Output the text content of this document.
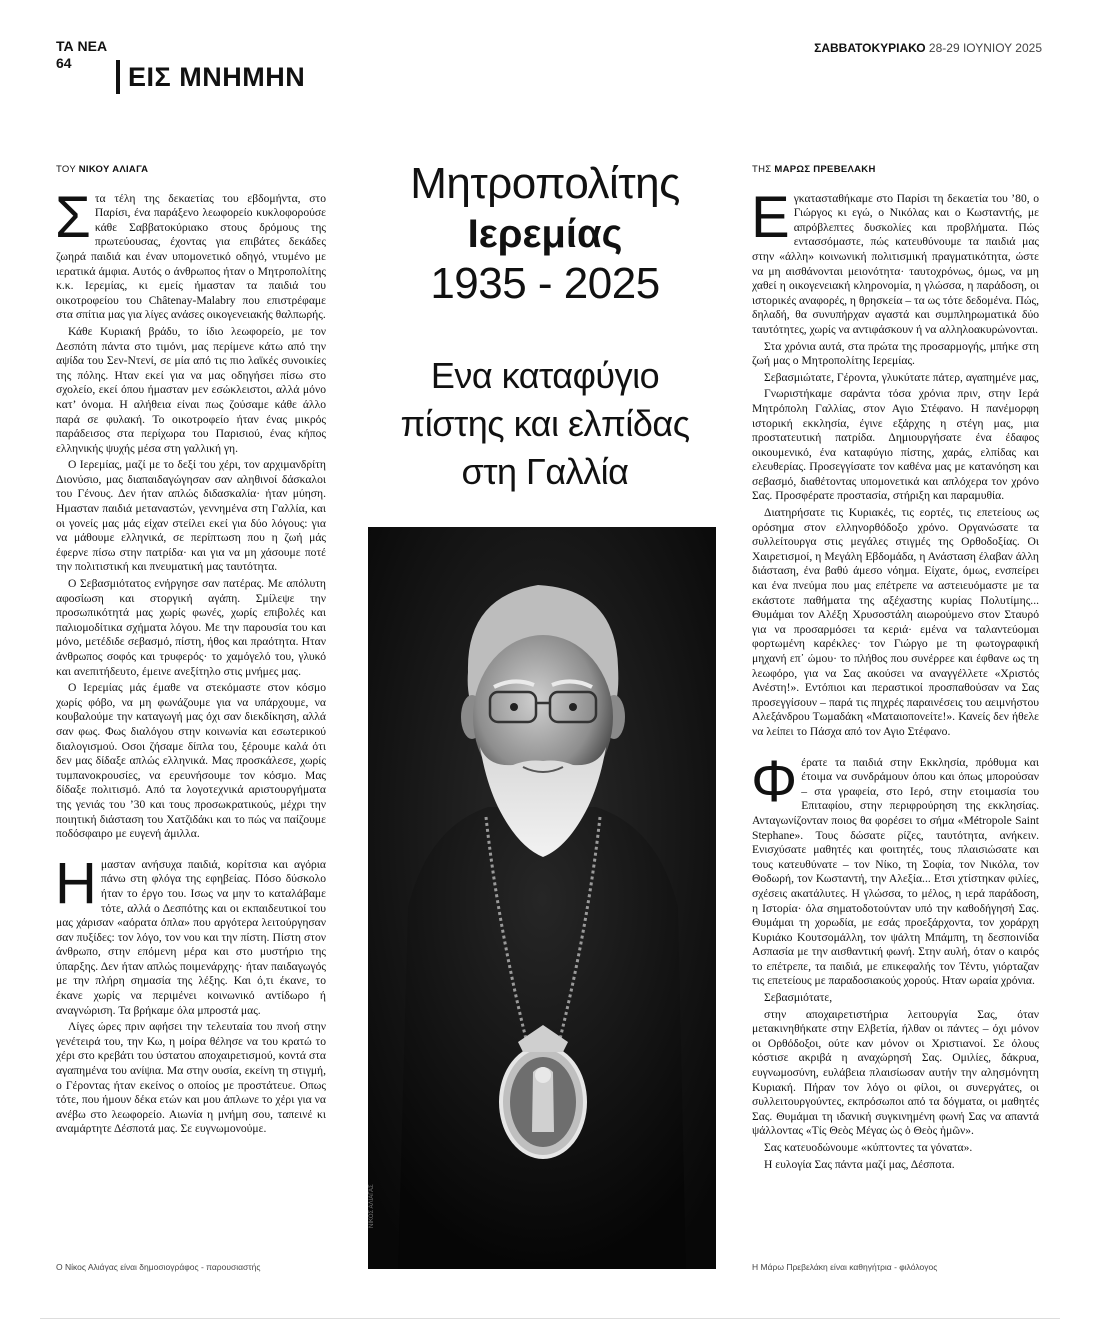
ΤΑ ΝΕΑ
64	ΕΙΣ ΜΝΗΜΗΝ
ΣΑΒΒΑΤΟΚΥΡΙΑΚΟ 28-29 ΙΟΥΝΙΟΥ 2025
ΤΟΥ ΝΙΚΟΥ ΑΛΙΑΓΑ

Στα τέλη της δεκαετίας του εβδομήντα, στο Παρίσι, ένα παράξενο λεωφορείο κυκλοφορούσε κάθε Σαββατοκύριακο στους δρόμους της πρωτεύουσας, έχοντας για επιβάτες δεκάδες ζωηρά παιδιά και έναν υπομονετικό οδηγό, ντυμένο με ιερατικά άμφια. Αυτός ο άνθρωπος ήταν ο Μητροπολίτης κ.κ. Ιερεμίας, κι εμείς ήμασταν τα παιδιά του οικοτροφείου του Châtenay-Malabry που επιστρέφαμε στα σπίτια μας για λίγες ανάσες οικογενειακής θαλπωρής.

Κάθε Κυριακή βράδυ, το ίδιο λεωφορείο, με τον Δεσπότη πάντα στο τιμόνι, μας περίμενε κάτω από την αψίδα του Σεν-Ντενί, σε μία από τις πιο λαϊκές συνοικίες της πόλης. Ηταν εκεί για να μας οδηγήσει πίσω στο σχολείο, εκεί όπου ήμασταν μεν εσώκλειστοι, αλλά μόνο κατ’ όνομα. Η αλήθεια είναι πως ζούσαμε κάθε άλλο παρά σε φυλακή. Το οικοτροφείο ήταν ένας μικρός παράδεισος στα περίχωρα του Παρισιού, ένας κήπος ελληνικής ψυχής μέσα στη γαλλική γη.

Ο Ιερεμίας, μαζί με το δεξί του χέρι, τον αρχιμανδρίτη Διονύσιο, μας διαπαιδαγώγησαν σαν αληθινοί δάσκαλοι του Γένους. Δεν ήταν απλώς διδασκαλία· ήταν μύηση. Ημασταν παιδιά μεταναστών, γεννημένα στη Γαλλία, και οι γονείς μας μάς είχαν στείλει εκεί για δύο λόγους: για να μάθουμε ελληνικά, σε περίπτωση που η ζωή μάς έφερνε πίσω στην πατρίδα· και για να μη χάσουμε ποτέ την πολιτιστική και πνευματική μας ταυτότητα.

Ο Σεβασμιότατος ενήργησε σαν πατέρας. Με απόλυτη αφοσίωση και στοργική αγάπη. Σμίλεψε την προσωπικότητά μας χωρίς φωνές, χωρίς επιβολές και παλιομοδίτικα σχήματα λόγου. Με την παρουσία του και μόνο, μετέδιδε σεβασμό, πίστη, ήθος και πραότητα. Ηταν άνθρωπος σοφός και τρυφερός· το χαμόγελό του, γλυκό και ανεπιτήδευτο, έμεινε ανεξίτηλο στις μνήμες μας.

Ο Ιερεμίας μάς έμαθε να στεκόμαστε στον κόσμο χωρίς φόβο, να μη φωνάζουμε για να υπάρχουμε, να κουβαλούμε την καταγωγή μας όχι σαν διεκδίκηση, αλλά σαν φως. Φως διαλόγου στην κοινωνία και εσωτερικού διαλογισμού. Οσοι ζήσαμε δίπλα του, ξέρουμε καλά ότι δεν μας δίδαξε απλώς ελληνικά. Μας προσκάλεσε, χωρίς τυμπανοκρουσίες, να ερευνήσουμε τον κόσμο. Μας δίδαξε πολιτισμό. Από τα λογοτεχνικά αριστουργήματα της γενιάς του ’30 και τους προσωκρατικούς, μέχρι την ποιητική διάσταση του Χατζιδάκι και το πώς να παίζουμε ποδόσφαιρο με ευγενή άμιλλα.

Ημασταν ανήσυχα παιδιά, κορίτσια και αγόρια πάνω στη φλόγα της εφηβείας. Πόσο δύσκολο ήταν το έργο του. Ισως να μην το καταλάβαμε τότε, αλλά ο Δεσπότης και οι εκπαιδευτικοί του μας χάρισαν «αόρατα όπλα» που αργότερα λειτούργησαν σαν πυξίδες: τον λόγο, τον νου και την πίστη. Πίστη στον άνθρωπο, στην επόμενη μέρα και στο μυστήριο της ύπαρξης. Δεν ήταν απλώς ποιμενάρχης· ήταν παιδαγωγός με την πλήρη σημασία της λέξης. Και ό,τι έκανε, το έκανε χωρίς να περιμένει κοινωνικό αντίδωρο ή αναγνώριση. Τα βρήκαμε όλα μπροστά μας.

Λίγες ώρες πριν αφήσει την τελευταία του πνοή στην γενέτειρά του, την Κω, η μοίρα θέλησε να του κρατώ το χέρι στο κρεβάτι του ύστατου αποχαιρετισμού, κοντά στα αγαπημένα του ανίψια. Μα στην ουσία, εκείνη τη στιγμή, ο Γέροντας ήταν εκείνος ο οποίος με προστάτευε. Οπως τότε, που ήμουν δέκα ετών και μου άπλωνε το χέρι για να ανέβω στο λεωφορείο. Αιωνία η μνήμη σου, ταπεινέ κι αναμάρτητε Δέσποτά μας. Σε ευγνωμονούμε.

Ο Νίκος Αλιάγας είναι δημοσιογράφος - παρουσιαστής
Μητροπολίτης
Ιερεμίας
1935 - 2025
Ενα καταφύγιο
πίστης και ελπίδας
στη Γαλλία
ΝΙΚΟΣ ΑΛΙΑΓΑΣ
ΤΗΣ ΜΑΡΩΣ ΠΡΕΒΕΛΑΚΗ

Εγκατασταθήκαμε στο Παρίσι τη δεκαετία του ’80, ο Γιώργος κι εγώ, ο Νικόλας και ο Κωσταντής, με απρόβλεπτες δυσκολίες και προβλήματα. Πώς εντασσόμαστε, πώς κατευθύνουμε τα παιδιά μας στην «άλλη» κοινωνική πολιτισμική πραγματικότητα, ώστε να μη αισθάνονται μειονότητα· ταυτοχρόνως, όμως, να μη χαθεί η οικογενειακή κληρονομία, η γλώσσα, η παράδοση, οι ιστορικές αναφορές, η θρησκεία – τα ως τότε δεδομένα. Πώς, δηλαδή, θα συνυπήρχαν αγαστά και συμπληρωματικά δύο ταυτότητες, χωρίς να αντιφάσκουν ή να αλληλοακυρώνονται.

Στα χρόνια αυτά, στα πρώτα της προσαρμογής, μπήκε στη ζωή μας ο Μητροπολίτης Ιερεμίας.

Σεβασμιώτατε, Γέροντα, γλυκύτατε πάτερ, αγαπημένε μας,

Γνωριστήκαμε σαράντα τόσα χρόνια πριν, στην Ιερά Μητρόπολη Γαλλίας, στον Αγιο Στέφανο. Η πανέμορφη ιστορική εκκλησία, έγινε εξάρχης η στέγη μας, μια προστατευτική πατρίδα. Δημιουργήσατε ένα έδαφος οικουμενικό, ένα καταφύγιο πίστης, χαράς, ελπίδας και ελευθερίας. Προσεγγίσατε τον καθένα μας με κατανόηση και σεβασμό, διαθέτοντας υπομονετικά και απλόχερα τον χρόνο Σας. Προσφέρατε προστασία, στήριξη και παραμυθία.

Διατηρήσατε τις Κυριακές, τις εορτές, τις επετείους ως ορόσημα στον ελληνορθόδοξο χρόνο. Οργανώσατε τα συλλείτουργα στις μεγάλες στιγμές της Ορθοδοξίας. Οι Χαιρετισμοί, η Μεγάλη Εβδομάδα, η Ανάσταση έλαβαν άλλη διάσταση, ένα βαθύ άμεσο νόημα. Είχατε, όμως, ενσπείρει και ένα πνεύμα που μας επέτρεπε να αστειευόμαστε με τα εκάστοτε παθήματα της αξέχαστης κυρίας Πολυτίμης... Θυμάμαι τον Αλέξη Χρυσοστάλη αιωρούμενο στον Σταυρό για να προσαρμόσει τα κεριά· εμένα να ταλαντεύομαι φορτωμένη καρέκλες· τον Γιώργο με τη φωτογραφική μηχανή επ᾽ ώμου· το πλήθος που συνέρρεε και έφθανε ως τη λεωφόρο, για να Σας ακούσει να αναγγέλλετε «Χριστός Ανέστη!». Εντόπιοι και περαστικοί προσπαθούσαν να Σας προσεγγίσουν – παρά τις πηχρές παραινέσεις του αειμνήστου Αλεξάνδρου Τωμαδάκη «Ματαιοπονείτε!». Κανείς δεν ήθελε να λείπει το Πάσχα από τον Αγιο Στέφανο.

Φέρατε τα παιδιά στην Εκκλησία, πρόθυμα και έτοιμα να συνδράμουν όπου και όπως μπορούσαν – στα γραφεία, στο Ιερό, στην ετοιμασία του Επιταφίου, στην περιφρούρηση της εκκλησίας. Ανταγωνίζονταν ποιος θα φορέσει το σήμα «Métropole Saint Stephane». Τους δώσατε ρίζες, ταυτότητα, ανήκειν. Ενισχύσατε μαθητές και φοιτητές, τους πλαισιώσατε και τους κατευθύνατε – τον Νίκο, τη Σοφία, τον Νικόλα, τον Θοδωρή, τον Κωσταντή, την Αλεξία... Ετσι χτίστηκαν φιλίες, σχέσεις ακατάλυτες. Η γλώσσα, το μέλος, η ιερά παράδοση, η Ιστορία· όλα σηματοδοτούνταν υπό την καθοδήγησή Σας. Θυμάμαι τη χορωδία, με εσάς προεξάρχοντα, τον χοράρχη Κυριάκο Κουτσομάλλη, τον ψάλτη Μπάμπη, τη δεσποινίδα Ασπασία με την αισθαντική φωνή. Στην αυλή, όταν ο καιρός το επέτρεπε, τα παιδιά, με επικεφαλής τον Τέντυ, γιόρταζαν τις επετείους με παραδοσιακούς χορούς. Ηταν ωραία χρόνια.

Σεβασμιότατε,

στην αποχαιρετιστήρια λειτουργία Σας, όταν μετακινηθήκατε στην Ελβετία, ήλθαν οι πάντες – όχι μόνον οι Ορθόδοξοι, ούτε καν μόνον οι Χριστιανοί. Σε όλους κόστισε ακριβά η αναχώρησή Σας. Ομιλίες, δάκρυα, ευγνωμοσύνη, ευλάβεια πλαισίωσαν αυτήν την αλησμόνητη Κυριακή. Πήραν τον λόγο οι φίλοι, οι συνεργάτες, οι συλλειτουργούντες, εκπρόσωποι από τα δόγματα, οι μαθητές Σας. Θυμάμαι τη ιδανική συγκινημένη φωνή Σας να απαντά ψάλλοντας «Τίς Θεὸς Μέγας ὡς ὁ Θεὸς ἡμῶν».

Σας κατευοδώνουμε «κύπτοντες τα γόνατα».

Η ευλογία Σας πάντα μαζί μας, Δέσποτα.

Η Μάρω Πρεβελάκη είναι καθηγήτρια - φιλόλογος
